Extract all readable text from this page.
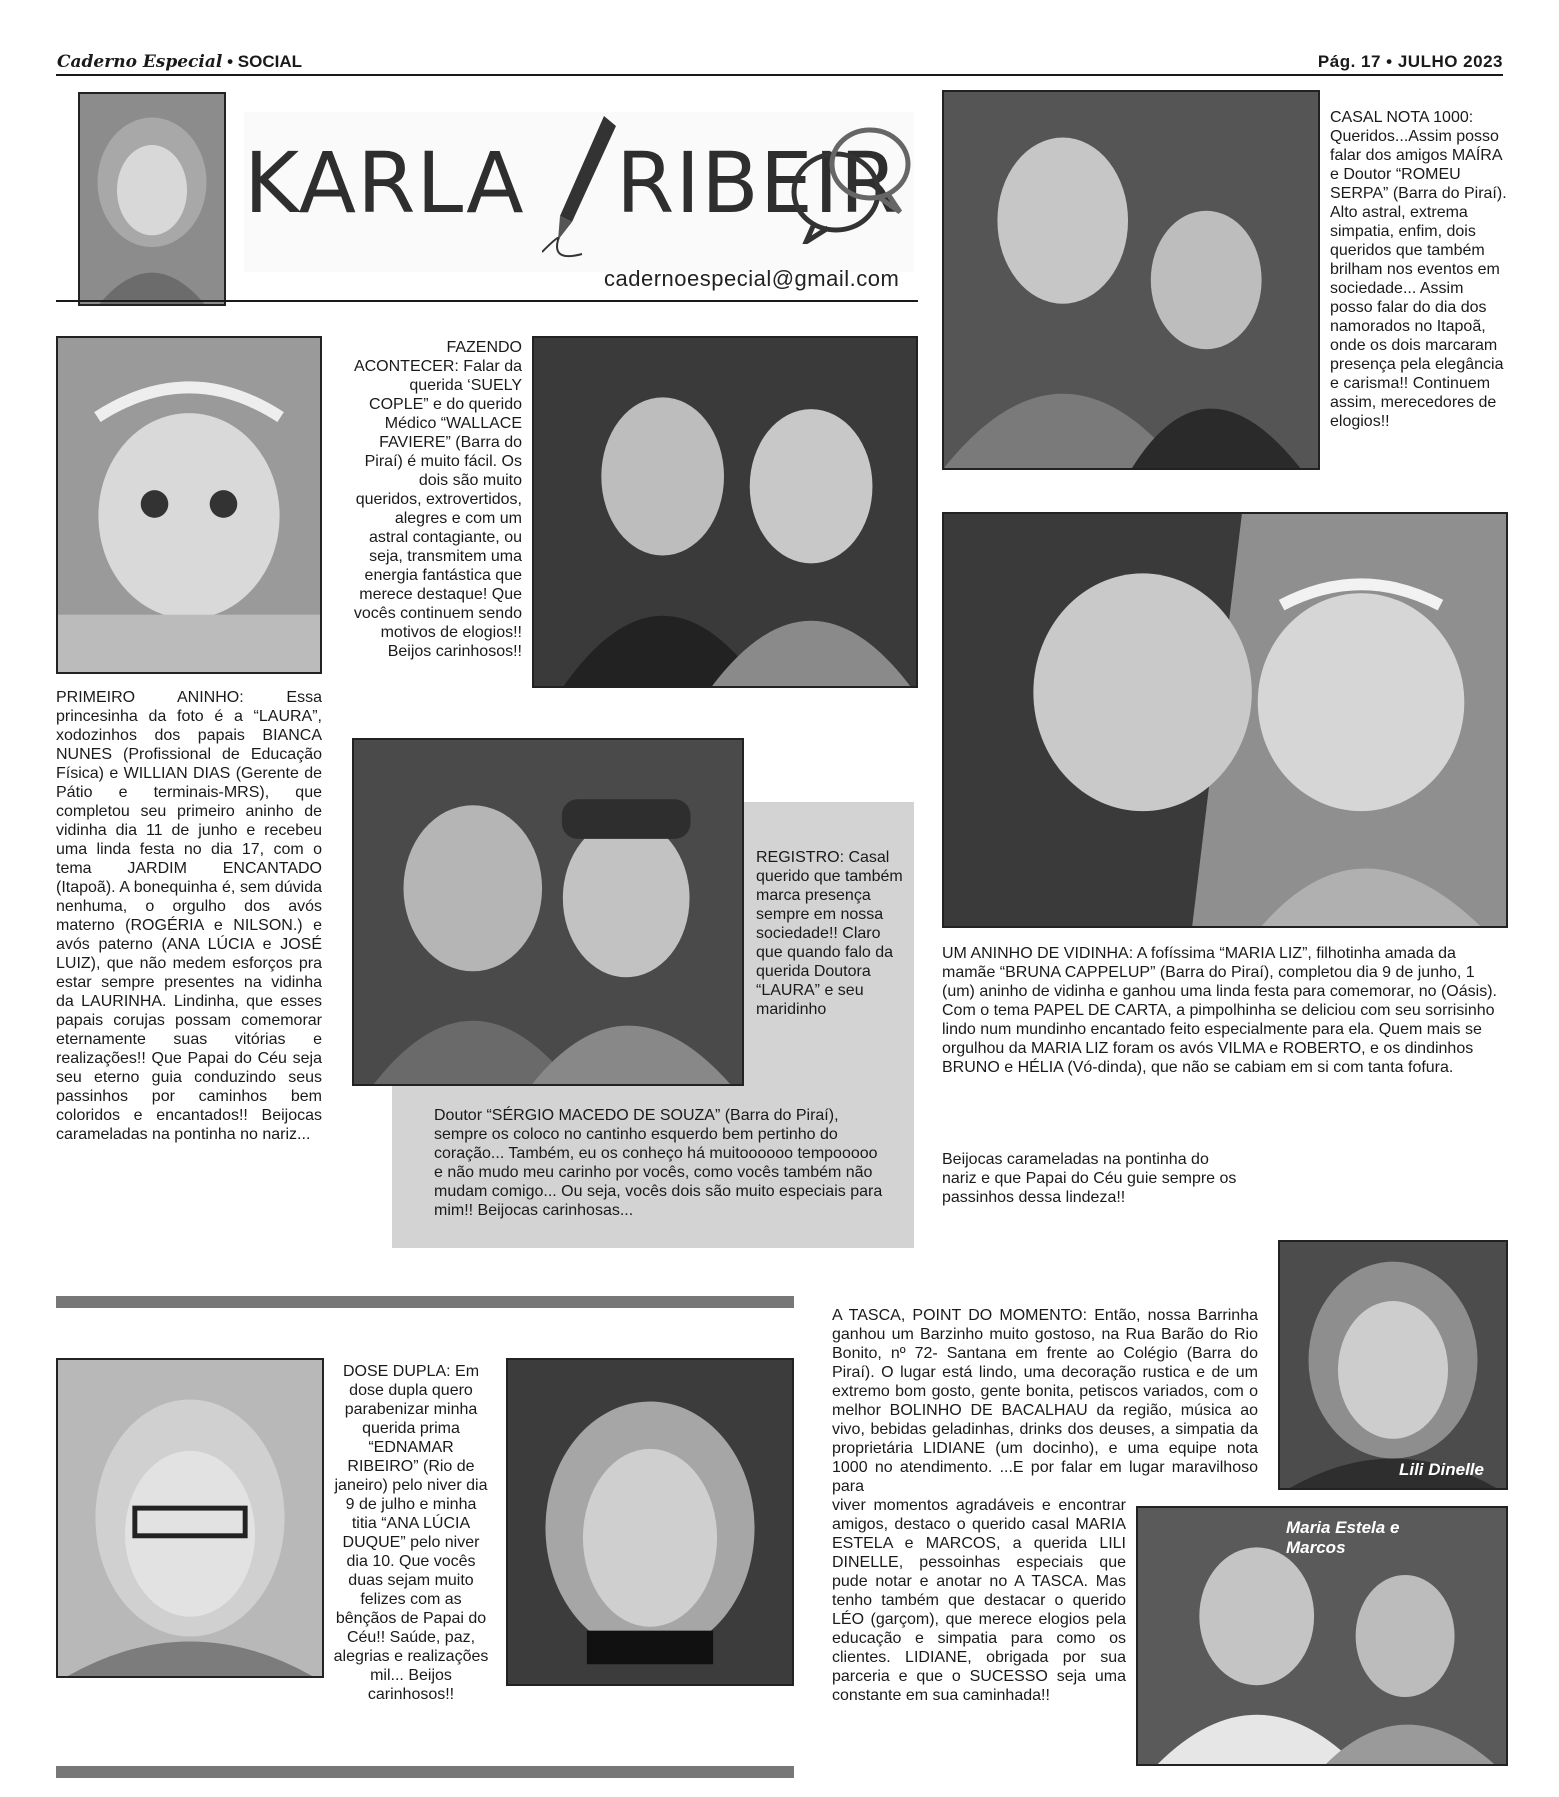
Caderno Especial • SOCIAL	Pág. 17 • JULHO 2023
KARLA RIBEIR
cadernoespecial@gmail.com
PRIMEIRO ANINHO: Essa princesinha da foto é a “LAURA”, xodozinhos dos papais BIANCA NUNES (Profissional de Educação Física) e WILLIAN DIAS (Gerente de Pátio e terminais-MRS), que completou seu primeiro aninho de vidinha dia 11 de junho e recebeu uma linda festa no dia 17, com o tema JARDIM ENCANTADO (Itapoã). A bonequinha é, sem dúvida nenhuma, o orgulho dos avós materno (ROGÉRIA e NILSON.) e avós paterno (ANA LÚCIA e JOSÉ LUIZ), que não medem esforços pra estar sempre presentes na vidinha da LAURINHA. Lindinha, que esses papais corujas possam comemorar eternamente suas vitórias e realizações!! Que Papai do Céu seja seu eterno guia conduzindo seus passinhos por caminhos bem coloridos e encantados!! Beijocas carameladas na pontinha no nariz...
FAZENDO ACONTECER: Falar da querida ‘SUELY COPLE” e do querido Médico “WALLACE FAVIERE” (Barra do Piraí) é muito fácil. Os dois são muito queridos, extrovertidos, alegres e com um astral contagiante, ou seja, transmitem uma energia fantástica que merece destaque! Que vocês continuem sendo motivos de elogios!! Beijos carinhosos!!
CASAL NOTA 1000: Queridos...Assim posso falar dos amigos MAÍRA e Doutor “ROMEU SERPA” (Barra do Piraí). Alto astral, extrema simpatia, enfim, dois queridos que também brilham nos eventos em sociedade... Assim posso falar do dia dos namorados no Itapoã, onde os dois marcaram presença pela elegância e carisma!! Continuem assim, merecedores de elogios!!
REGISTRO: Casal querido que também marca presença sempre em nossa sociedade!! Claro que quando falo da querida Doutora “LAURA” e seu maridinho
Doutor “SÉRGIO MACEDO DE SOUZA” (Barra do Piraí), sempre os coloco no cantinho esquerdo bem pertinho do coração... Também, eu os conheço há muitoooooo tempooooo e não mudo meu carinho por vocês, como vocês também não mudam comigo... Ou seja, vocês dois são muito especiais para mim!! Beijocas carinhosas...
UM ANINHO DE VIDINHA: A fofíssima “MARIA LIZ”, filhotinha amada da mamãe “BRUNA CAPPELUP” (Barra do Piraí), completou dia 9 de junho, 1 (um) aninho de vidinha e ganhou uma linda festa para comemorar, no (Oásis). Com o tema PAPEL DE CARTA, a pimpolhinha se deliciou com seu sorrisinho lindo num mundinho encantado feito especialmente para ela. Quem mais se orgulhou da MARIA LIZ foram os avós VILMA e ROBERTO, e os dindinhos BRUNO e HÉLIA (Vó-dinda), que não se cabiam em si com tanta fofura.
Beijocas carameladas na pontinha do nariz e que Papai do Céu guie sempre os passinhos dessa lindeza!!
DOSE DUPLA: Em dose dupla quero parabenizar minha querida prima “EDNAMAR RIBEIRO” (Rio de janeiro) pelo niver dia 9 de julho e minha titia “ANA LÚCIA DUQUE” pelo niver dia 10. Que vocês duas sejam muito felizes com as bênçãos de Papai do Céu!! Saúde, paz, alegrias e realizações mil... Beijos carinhosos!!
A TASCA, POINT DO MOMENTO: Então, nossa Barrinha ganhou um Barzinho muito gostoso, na Rua Barão do Rio Bonito, nº 72- Santana em frente ao Colégio (Barra do Piraí). O lugar está lindo, uma decoração rustica e de um extremo bom gosto, gente bonita, petiscos variados, com o melhor BOLINHO DE BACALHAU da região, música ao vivo, bebidas geladinhas, drinks dos deuses, a simpatia da proprietária LIDIANE (um docinho), e uma equipe nota 1000 no atendimento. ...E por falar em lugar maravilhoso para
viver momentos agradáveis e encontrar amigos, destaco o querido casal MARIA ESTELA e MARCOS, a querida LILI DINELLE, pessoinhas especiais que pude notar e anotar no A TASCA. Mas tenho também que destacar o querido LÉO (garçom), que merece elogios pela educação e simpatia para como os clientes. LIDIANE, obrigada por sua parceria e que o SUCESSO seja uma constante em sua caminhada!!
Lili Dinelle
Maria Estela e Marcos
